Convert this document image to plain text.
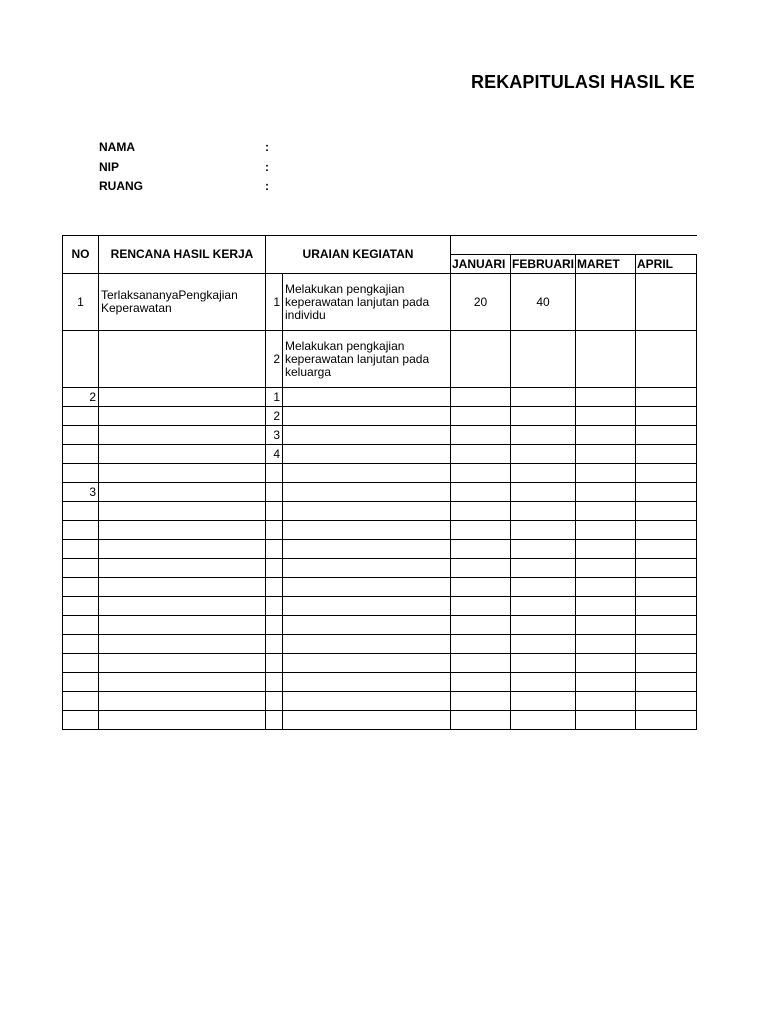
REKAPITULASI HASIL KE
NAMA	:
NIP	:
RUANG	:
NO	RENCANA HASIL KERJA	URAIAN KEGIATAN					
				JANUARI	FEBRUARI	MARET	APRIL
1	TerlaksananyaPengkajian Keperawatan	1	Melakukan pengkajian keperawatan lanjutan pada individu	20	40		
		2	Melakukan pengkajian keperawatan lanjutan pada keluarga				
2		1					
		2					
		3					
		4					

3							
